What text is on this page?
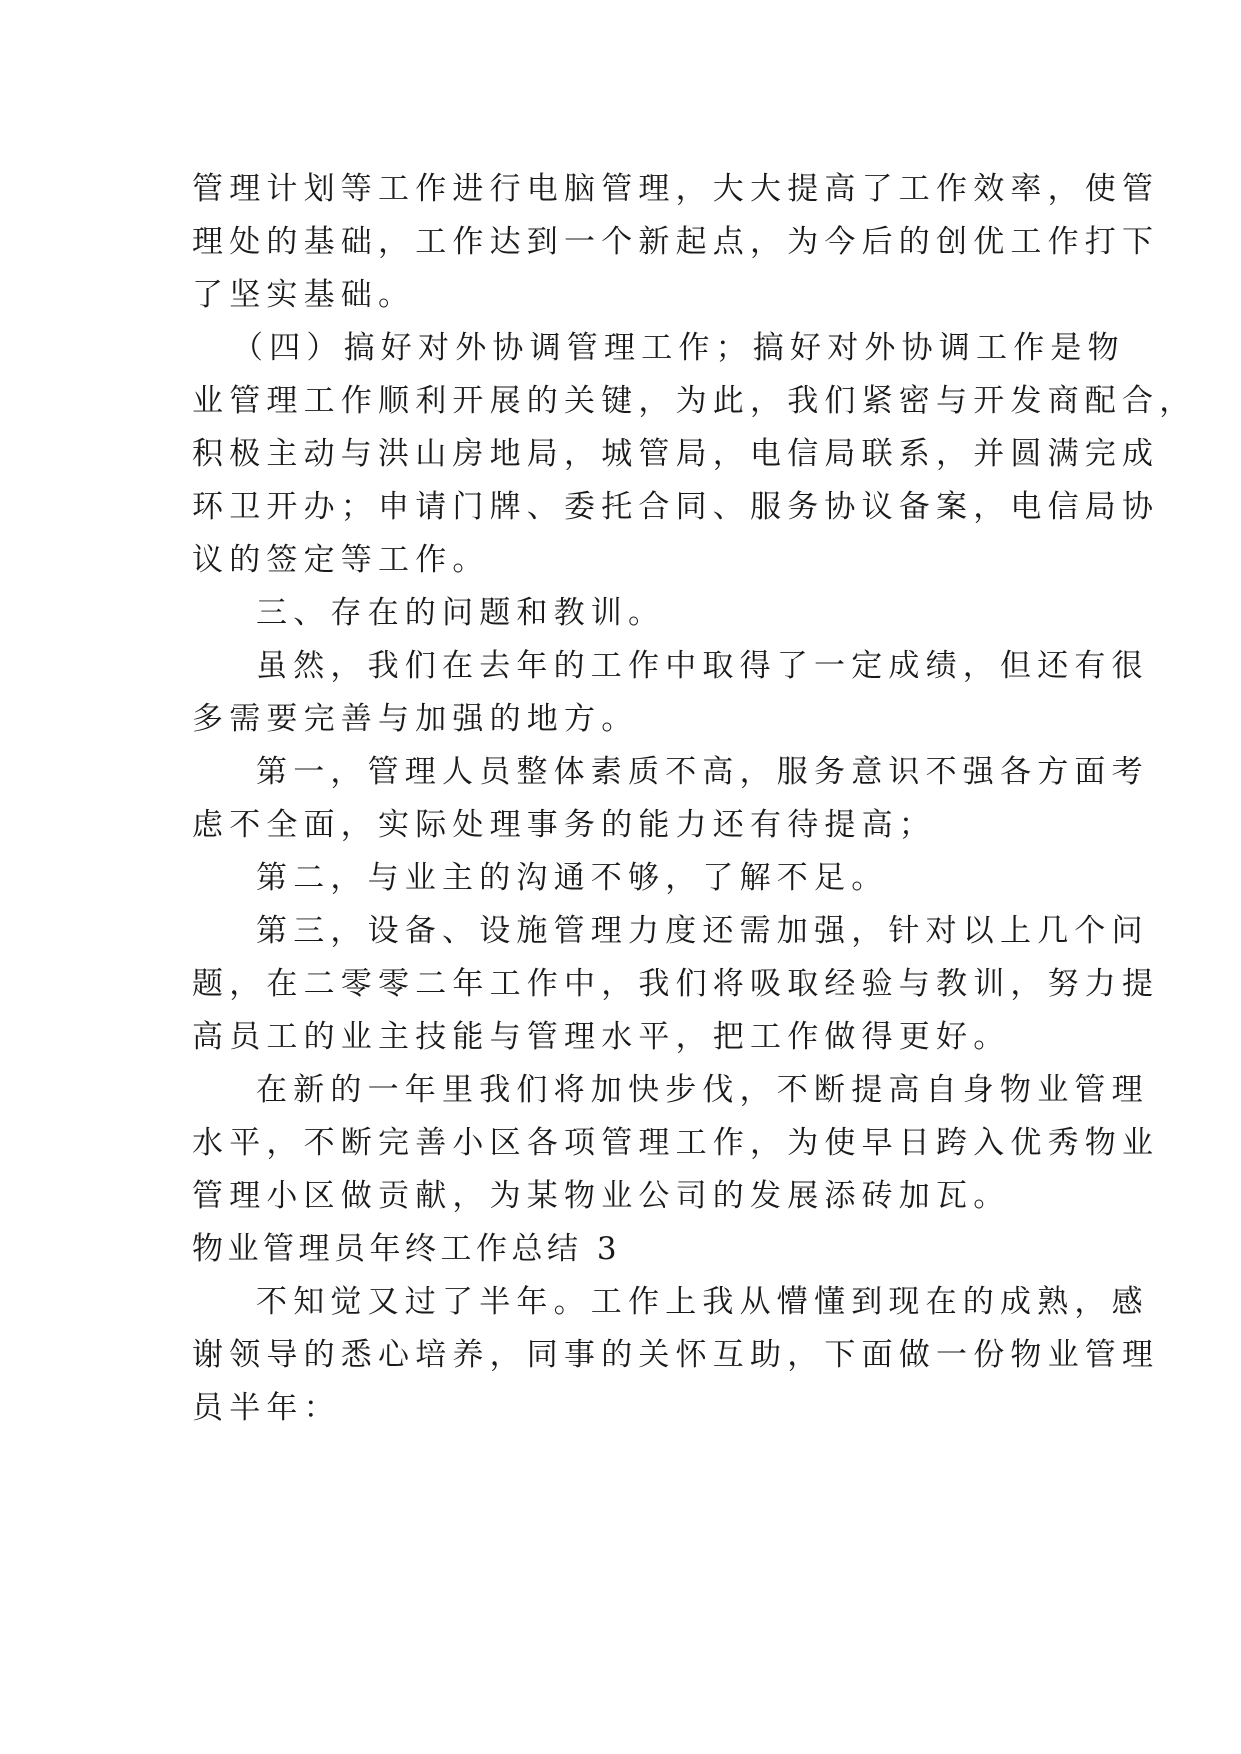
管理计划等工作进行电脑管理，大大提高了工作效率，使管
理处的基础，工作达到一个新起点，为今后的创优工作打下
了坚实基础。
（四）搞好对外协调管理工作；搞好对外协调工作是物
业管理工作顺利开展的关键，为此，我们紧密与开发商配合，
积极主动与洪山房地局，城管局，电信局联系，并圆满完成
环卫开办；申请门牌、委托合同、服务协议备案，电信局协
议的签定等工作。
三、存在的问题和教训。
虽然，我们在去年的工作中取得了一定成绩，但还有很
多需要完善与加强的地方。
第一，管理人员整体素质不高，服务意识不强各方面考
虑不全面，实际处理事务的能力还有待提高；
第二，与业主的沟通不够，了解不足。
第三，设备、设施管理力度还需加强，针对以上几个问
题，在二零零二年工作中，我们将吸取经验与教训，努力提
高员工的业主技能与管理水平，把工作做得更好。
在新的一年里我们将加快步伐，不断提高自身物业管理
水平，不断完善小区各项管理工作，为使早日跨入优秀物业
管理小区做贡献，为某物业公司的发展添砖加瓦。
物业管理员年终工作总结 3
不知觉又过了半年。工作上我从懵懂到现在的成熟，感
谢领导的悉心培养，同事的关怀互助，下面做一份物业管理
员半年：
